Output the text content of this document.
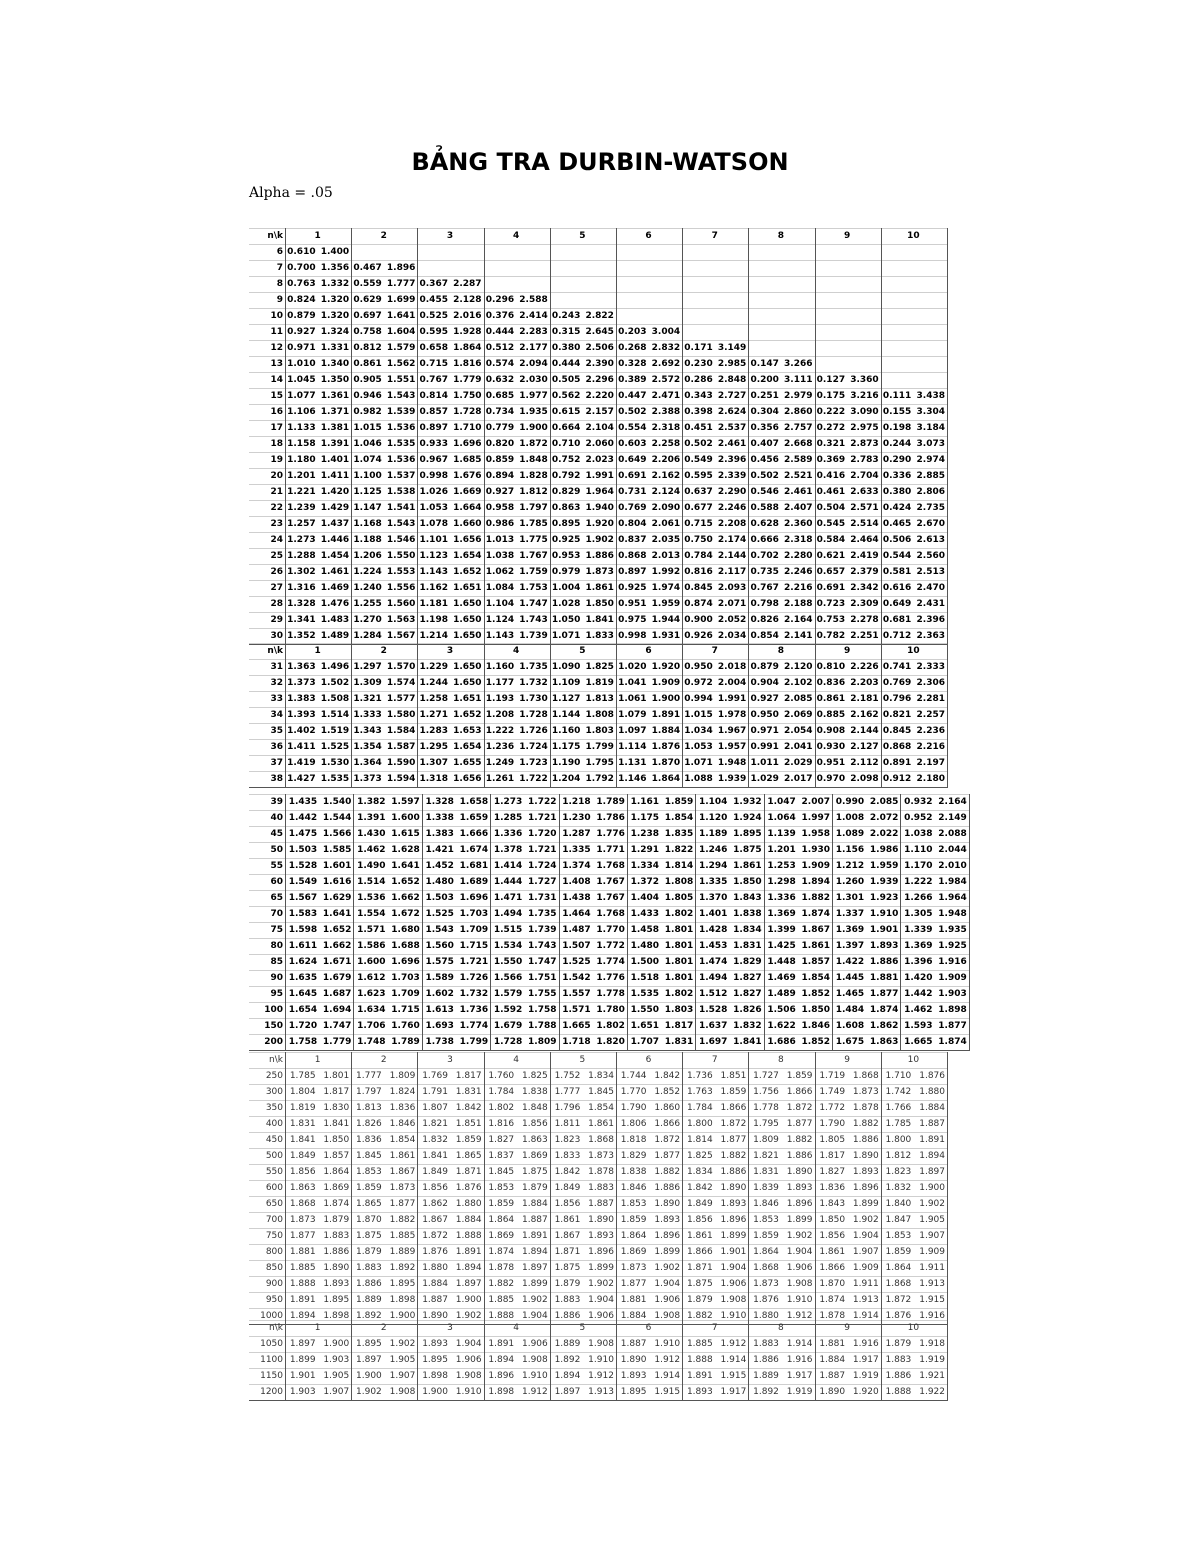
BẢNG TRA DURBIN-WATSON
Alpha = .05
n\k	1		2		3		4		5		6		7		8		9		10	
6	0.610	1.400																		
7	0.700	1.356	0.467	1.896																
8	0.763	1.332	0.559	1.777	0.367	2.287														
9	0.824	1.320	0.629	1.699	0.455	2.128	0.296	2.588												
10	0.879	1.320	0.697	1.641	0.525	2.016	0.376	2.414	0.243	2.822										
11	0.927	1.324	0.758	1.604	0.595	1.928	0.444	2.283	0.315	2.645	0.203	3.004								
12	0.971	1.331	0.812	1.579	0.658	1.864	0.512	2.177	0.380	2.506	0.268	2.832	0.171	3.149						
13	1.010	1.340	0.861	1.562	0.715	1.816	0.574	2.094	0.444	2.390	0.328	2.692	0.230	2.985	0.147	3.266				
14	1.045	1.350	0.905	1.551	0.767	1.779	0.632	2.030	0.505	2.296	0.389	2.572	0.286	2.848	0.200	3.111	0.127	3.360		
15	1.077	1.361	0.946	1.543	0.814	1.750	0.685	1.977	0.562	2.220	0.447	2.471	0.343	2.727	0.251	2.979	0.175	3.216	0.111	3.438
16	1.106	1.371	0.982	1.539	0.857	1.728	0.734	1.935	0.615	2.157	0.502	2.388	0.398	2.624	0.304	2.860	0.222	3.090	0.155	3.304
17	1.133	1.381	1.015	1.536	0.897	1.710	0.779	1.900	0.664	2.104	0.554	2.318	0.451	2.537	0.356	2.757	0.272	2.975	0.198	3.184
18	1.158	1.391	1.046	1.535	0.933	1.696	0.820	1.872	0.710	2.060	0.603	2.258	0.502	2.461	0.407	2.668	0.321	2.873	0.244	3.073
19	1.180	1.401	1.074	1.536	0.967	1.685	0.859	1.848	0.752	2.023	0.649	2.206	0.549	2.396	0.456	2.589	0.369	2.783	0.290	2.974
20	1.201	1.411	1.100	1.537	0.998	1.676	0.894	1.828	0.792	1.991	0.691	2.162	0.595	2.339	0.502	2.521	0.416	2.704	0.336	2.885
21	1.221	1.420	1.125	1.538	1.026	1.669	0.927	1.812	0.829	1.964	0.731	2.124	0.637	2.290	0.546	2.461	0.461	2.633	0.380	2.806
22	1.239	1.429	1.147	1.541	1.053	1.664	0.958	1.797	0.863	1.940	0.769	2.090	0.677	2.246	0.588	2.407	0.504	2.571	0.424	2.735
23	1.257	1.437	1.168	1.543	1.078	1.660	0.986	1.785	0.895	1.920	0.804	2.061	0.715	2.208	0.628	2.360	0.545	2.514	0.465	2.670
24	1.273	1.446	1.188	1.546	1.101	1.656	1.013	1.775	0.925	1.902	0.837	2.035	0.750	2.174	0.666	2.318	0.584	2.464	0.506	2.613
25	1.288	1.454	1.206	1.550	1.123	1.654	1.038	1.767	0.953	1.886	0.868	2.013	0.784	2.144	0.702	2.280	0.621	2.419	0.544	2.560
26	1.302	1.461	1.224	1.553	1.143	1.652	1.062	1.759	0.979	1.873	0.897	1.992	0.816	2.117	0.735	2.246	0.657	2.379	0.581	2.513
27	1.316	1.469	1.240	1.556	1.162	1.651	1.084	1.753	1.004	1.861	0.925	1.974	0.845	2.093	0.767	2.216	0.691	2.342	0.616	2.470
28	1.328	1.476	1.255	1.560	1.181	1.650	1.104	1.747	1.028	1.850	0.951	1.959	0.874	2.071	0.798	2.188	0.723	2.309	0.649	2.431
29	1.341	1.483	1.270	1.563	1.198	1.650	1.124	1.743	1.050	1.841	0.975	1.944	0.900	2.052	0.826	2.164	0.753	2.278	0.681	2.396
30	1.352	1.489	1.284	1.567	1.214	1.650	1.143	1.739	1.071	1.833	0.998	1.931	0.926	2.034	0.854	2.141	0.782	2.251	0.712	2.363
n\k	1		2		3		4		5		6		7		8		9		10	
31	1.363	1.496	1.297	1.570	1.229	1.650	1.160	1.735	1.090	1.825	1.020	1.920	0.950	2.018	0.879	2.120	0.810	2.226	0.741	2.333
32	1.373	1.502	1.309	1.574	1.244	1.650	1.177	1.732	1.109	1.819	1.041	1.909	0.972	2.004	0.904	2.102	0.836	2.203	0.769	2.306
33	1.383	1.508	1.321	1.577	1.258	1.651	1.193	1.730	1.127	1.813	1.061	1.900	0.994	1.991	0.927	2.085	0.861	2.181	0.796	2.281
34	1.393	1.514	1.333	1.580	1.271	1.652	1.208	1.728	1.144	1.808	1.079	1.891	1.015	1.978	0.950	2.069	0.885	2.162	0.821	2.257
35	1.402	1.519	1.343	1.584	1.283	1.653	1.222	1.726	1.160	1.803	1.097	1.884	1.034	1.967	0.971	2.054	0.908	2.144	0.845	2.236
36	1.411	1.525	1.354	1.587	1.295	1.654	1.236	1.724	1.175	1.799	1.114	1.876	1.053	1.957	0.991	2.041	0.930	2.127	0.868	2.216
37	1.419	1.530	1.364	1.590	1.307	1.655	1.249	1.723	1.190	1.795	1.131	1.870	1.071	1.948	1.011	2.029	0.951	2.112	0.891	2.197
38	1.427	1.535	1.373	1.594	1.318	1.656	1.261	1.722	1.204	1.792	1.146	1.864	1.088	1.939	1.029	2.017	0.970	2.098	0.912	2.180
39	1.435	1.540	1.382	1.597	1.328	1.658	1.273	1.722	1.218	1.789	1.161	1.859	1.104	1.932	1.047	2.007	0.990	2.085	0.932	2.164
40	1.442	1.544	1.391	1.600	1.338	1.659	1.285	1.721	1.230	1.786	1.175	1.854	1.120	1.924	1.064	1.997	1.008	2.072	0.952	2.149
45	1.475	1.566	1.430	1.615	1.383	1.666	1.336	1.720	1.287	1.776	1.238	1.835	1.189	1.895	1.139	1.958	1.089	2.022	1.038	2.088
50	1.503	1.585	1.462	1.628	1.421	1.674	1.378	1.721	1.335	1.771	1.291	1.822	1.246	1.875	1.201	1.930	1.156	1.986	1.110	2.044
55	1.528	1.601	1.490	1.641	1.452	1.681	1.414	1.724	1.374	1.768	1.334	1.814	1.294	1.861	1.253	1.909	1.212	1.959	1.170	2.010
60	1.549	1.616	1.514	1.652	1.480	1.689	1.444	1.727	1.408	1.767	1.372	1.808	1.335	1.850	1.298	1.894	1.260	1.939	1.222	1.984
65	1.567	1.629	1.536	1.662	1.503	1.696	1.471	1.731	1.438	1.767	1.404	1.805	1.370	1.843	1.336	1.882	1.301	1.923	1.266	1.964
70	1.583	1.641	1.554	1.672	1.525	1.703	1.494	1.735	1.464	1.768	1.433	1.802	1.401	1.838	1.369	1.874	1.337	1.910	1.305	1.948
75	1.598	1.652	1.571	1.680	1.543	1.709	1.515	1.739	1.487	1.770	1.458	1.801	1.428	1.834	1.399	1.867	1.369	1.901	1.339	1.935
80	1.611	1.662	1.586	1.688	1.560	1.715	1.534	1.743	1.507	1.772	1.480	1.801	1.453	1.831	1.425	1.861	1.397	1.893	1.369	1.925
85	1.624	1.671	1.600	1.696	1.575	1.721	1.550	1.747	1.525	1.774	1.500	1.801	1.474	1.829	1.448	1.857	1.422	1.886	1.396	1.916
90	1.635	1.679	1.612	1.703	1.589	1.726	1.566	1.751	1.542	1.776	1.518	1.801	1.494	1.827	1.469	1.854	1.445	1.881	1.420	1.909
95	1.645	1.687	1.623	1.709	1.602	1.732	1.579	1.755	1.557	1.778	1.535	1.802	1.512	1.827	1.489	1.852	1.465	1.877	1.442	1.903
100	1.654	1.694	1.634	1.715	1.613	1.736	1.592	1.758	1.571	1.780	1.550	1.803	1.528	1.826	1.506	1.850	1.484	1.874	1.462	1.898
150	1.720	1.747	1.706	1.760	1.693	1.774	1.679	1.788	1.665	1.802	1.651	1.817	1.637	1.832	1.622	1.846	1.608	1.862	1.593	1.877
200	1.758	1.779	1.748	1.789	1.738	1.799	1.728	1.809	1.718	1.820	1.707	1.831	1.697	1.841	1.686	1.852	1.675	1.863	1.665	1.874
n\k	1		2		3		4		5		6		7		8		9		10	
250	1.785	1.801	1.777	1.809	1.769	1.817	1.760	1.825	1.752	1.834	1.744	1.842	1.736	1.851	1.727	1.859	1.719	1.868	1.710	1.876
300	1.804	1.817	1.797	1.824	1.791	1.831	1.784	1.838	1.777	1.845	1.770	1.852	1.763	1.859	1.756	1.866	1.749	1.873	1.742	1.880
350	1.819	1.830	1.813	1.836	1.807	1.842	1.802	1.848	1.796	1.854	1.790	1.860	1.784	1.866	1.778	1.872	1.772	1.878	1.766	1.884
400	1.831	1.841	1.826	1.846	1.821	1.851	1.816	1.856	1.811	1.861	1.806	1.866	1.800	1.872	1.795	1.877	1.790	1.882	1.785	1.887
450	1.841	1.850	1.836	1.854	1.832	1.859	1.827	1.863	1.823	1.868	1.818	1.872	1.814	1.877	1.809	1.882	1.805	1.886	1.800	1.891
500	1.849	1.857	1.845	1.861	1.841	1.865	1.837	1.869	1.833	1.873	1.829	1.877	1.825	1.882	1.821	1.886	1.817	1.890	1.812	1.894
550	1.856	1.864	1.853	1.867	1.849	1.871	1.845	1.875	1.842	1.878	1.838	1.882	1.834	1.886	1.831	1.890	1.827	1.893	1.823	1.897
600	1.863	1.869	1.859	1.873	1.856	1.876	1.853	1.879	1.849	1.883	1.846	1.886	1.842	1.890	1.839	1.893	1.836	1.896	1.832	1.900
650	1.868	1.874	1.865	1.877	1.862	1.880	1.859	1.884	1.856	1.887	1.853	1.890	1.849	1.893	1.846	1.896	1.843	1.899	1.840	1.902
700	1.873	1.879	1.870	1.882	1.867	1.884	1.864	1.887	1.861	1.890	1.859	1.893	1.856	1.896	1.853	1.899	1.850	1.902	1.847	1.905
750	1.877	1.883	1.875	1.885	1.872	1.888	1.869	1.891	1.867	1.893	1.864	1.896	1.861	1.899	1.859	1.902	1.856	1.904	1.853	1.907
800	1.881	1.886	1.879	1.889	1.876	1.891	1.874	1.894	1.871	1.896	1.869	1.899	1.866	1.901	1.864	1.904	1.861	1.907	1.859	1.909
850	1.885	1.890	1.883	1.892	1.880	1.894	1.878	1.897	1.875	1.899	1.873	1.902	1.871	1.904	1.868	1.906	1.866	1.909	1.864	1.911
900	1.888	1.893	1.886	1.895	1.884	1.897	1.882	1.899	1.879	1.902	1.877	1.904	1.875	1.906	1.873	1.908	1.870	1.911	1.868	1.913
950	1.891	1.895	1.889	1.898	1.887	1.900	1.885	1.902	1.883	1.904	1.881	1.906	1.879	1.908	1.876	1.910	1.874	1.913	1.872	1.915
1000	1.894	1.898	1.892	1.900	1.890	1.902	1.888	1.904	1.886	1.906	1.884	1.908	1.882	1.910	1.880	1.912	1.878	1.914	1.876	1.916
n\k	1		2		3		4		5		6		7		8		9		10	
1050	1.897	1.900	1.895	1.902	1.893	1.904	1.891	1.906	1.889	1.908	1.887	1.910	1.885	1.912	1.883	1.914	1.881	1.916	1.879	1.918
1100	1.899	1.903	1.897	1.905	1.895	1.906	1.894	1.908	1.892	1.910	1.890	1.912	1.888	1.914	1.886	1.916	1.884	1.917	1.883	1.919
1150	1.901	1.905	1.900	1.907	1.898	1.908	1.896	1.910	1.894	1.912	1.893	1.914	1.891	1.915	1.889	1.917	1.887	1.919	1.886	1.921
1200	1.903	1.907	1.902	1.908	1.900	1.910	1.898	1.912	1.897	1.913	1.895	1.915	1.893	1.917	1.892	1.919	1.890	1.920	1.888	1.922
